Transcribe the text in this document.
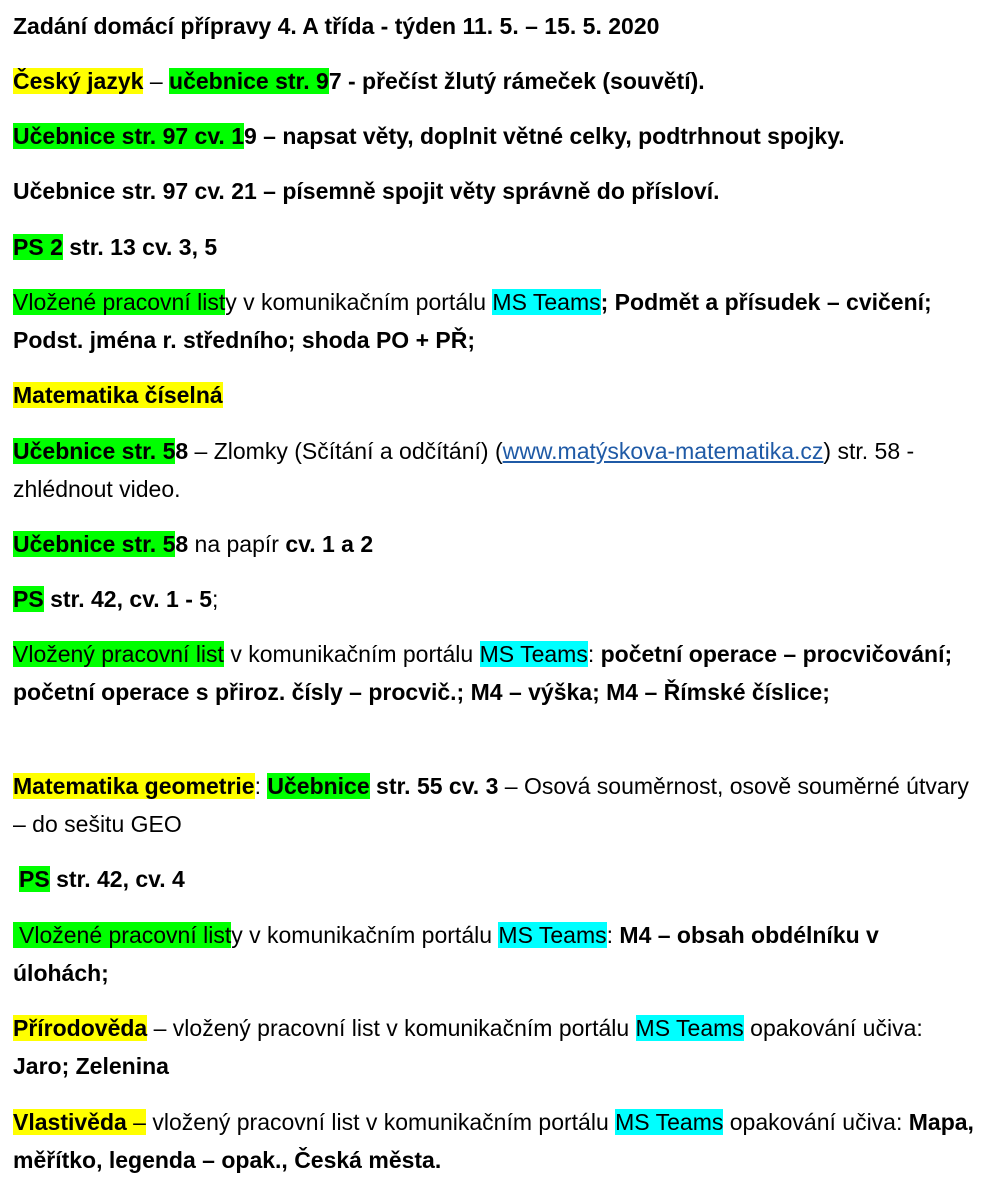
Zadání domácí přípravy 4. A třída - týden 11. 5. – 15. 5. 2020

Český jazyk – učebnice str. 97 - přečíst žlutý rámeček (souvětí).

Učebnice str. 97 cv. 19 – napsat věty, doplnit větné celky, podtrhnout spojky.

Učebnice str. 97 cv. 21 – písemně spojit věty správně do přísloví.

PS 2 str. 13 cv. 3, 5

Vložené pracovní listy v komunikačním portálu MS Teams; Podmět a přísudek – cvičení; Podst. jména r. středního; shoda PO + PŘ;

Matematika číselná

Učebnice str. 58 – Zlomky (Sčítání a odčítání) (www.matýskova-matematika.cz) str. 58 - zhlédnout video.

Učebnice str. 58 na papír cv. 1 a 2

PS str. 42, cv. 1 - 5;

Vložený pracovní list v komunikačním portálu MS Teams: početní operace – procvičování; početní operace s přiroz. čísly – procvič.; M4 – výška; M4 – Římské číslice;

Matematika geometrie: Učebnice str. 55 cv. 3 – Osová souměrnost, osově souměrné útvary – do sešitu GEO

PS str. 42, cv. 4

Vložené pracovní listy v komunikačním portálu MS Teams: M4 – obsah obdélníku v úlohách;

Přírodověda – vložený pracovní list v komunikačním portálu MS Teams opakování učiva: Jaro; Zelenina

Vlastivěda – vložený pracovní list v komunikačním portálu MS Teams opakování učiva: Mapa, měřítko, legenda – opak., Česká města.
